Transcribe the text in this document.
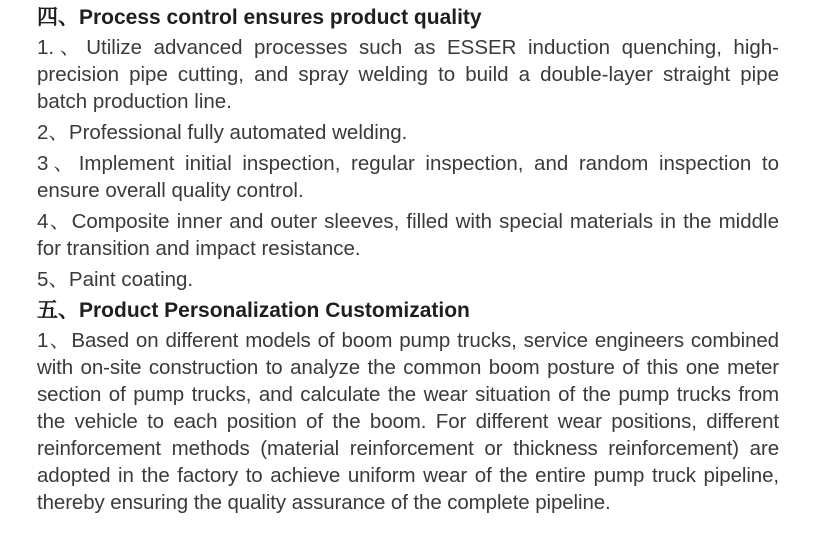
四、Process control ensures product quality
1.、Utilize advanced processes such as ESSER induction quenching, high-precision pipe cutting, and spray welding to build a double-layer straight pipe batch production line.
2、Professional fully automated welding.
3、Implement initial inspection, regular inspection, and random inspection to ensure overall quality control.
4、Composite inner and outer sleeves, filled with special materials in the middle for transition and impact resistance.
5、Paint coating.
五、Product Personalization Customization
1、Based on different models of boom pump trucks, service engineers combined with on-site construction to analyze the common boom posture of this one meter section of pump trucks, and calculate the wear situation of the pump trucks from the vehicle to each position of the boom. For different wear positions, different reinforcement methods (material reinforcement or thickness reinforcement) are adopted in the factory to achieve uniform wear of the entire pump truck pipeline, thereby ensuring the quality assurance of the complete pipeline.
